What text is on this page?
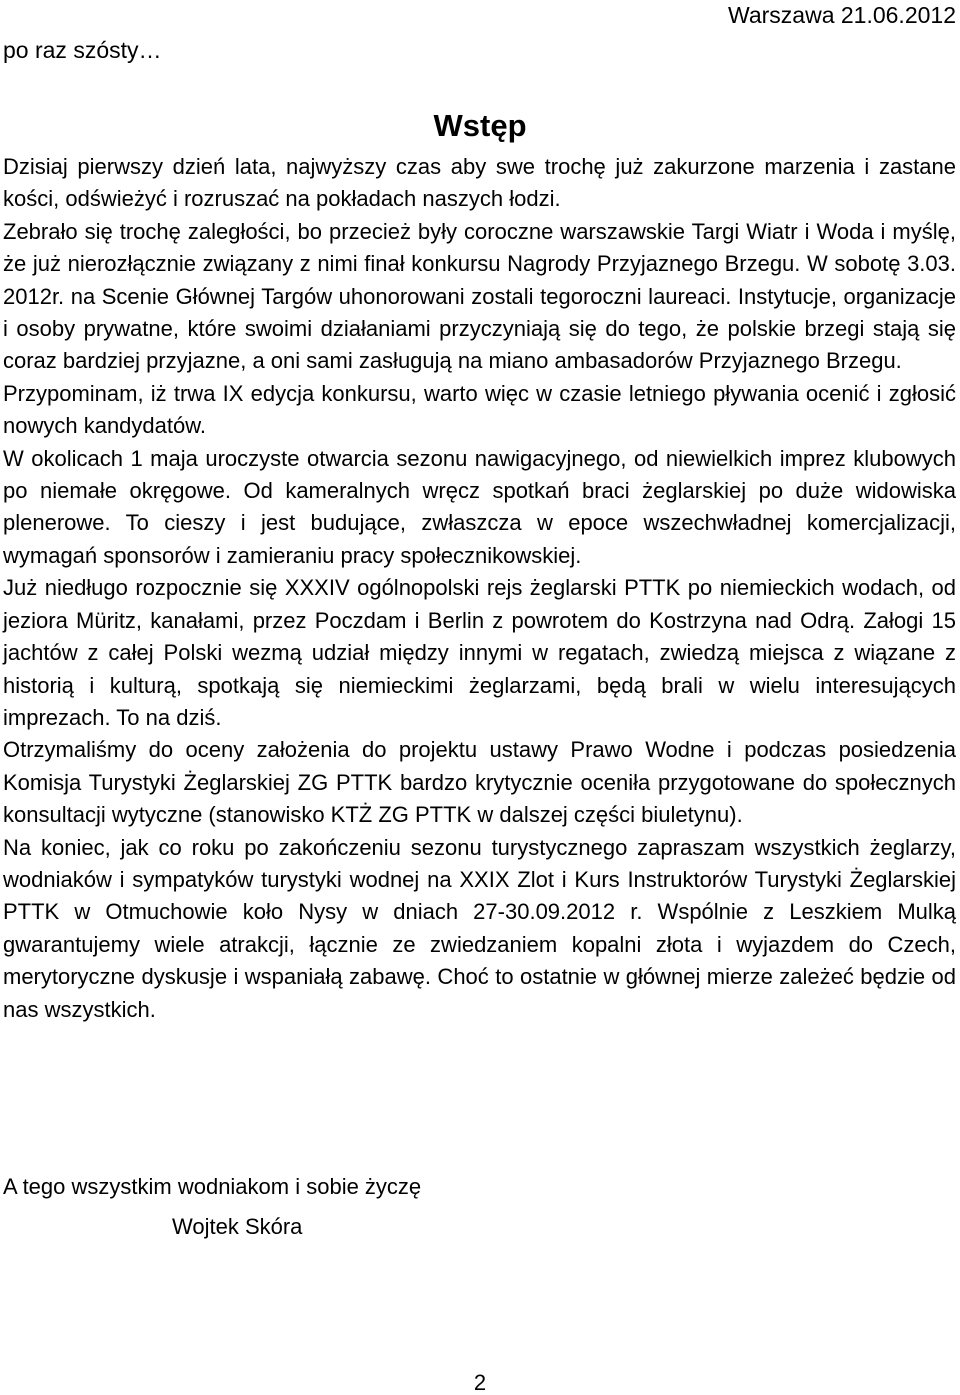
po raz szósty…
Warszawa 21.06.2012
Wstęp

Dzisiaj pierwszy dzień lata, najwyższy czas aby swe trochę już zakurzone marzenia i zastane kości, odświeżyć i rozruszać na pokładach naszych łodzi.

Zebrało się trochę zaległości, bo przecież były coroczne warszawskie Targi Wiatr i Woda i myślę, że już nierozłącznie związany z nimi finał konkursu Nagrody Przyjaznego Brzegu. W sobotę 3.03. 2012r. na Scenie Głównej Targów uhonorowani zostali tegoroczni laureaci. Instytucje, organizacje i osoby prywatne, które swoimi działaniami przyczyniają się do tego, że polskie brzegi stają się coraz bardziej przyjazne, a oni sami zasługują na miano ambasadorów Przyjaznego Brzegu.

Przypominam, iż trwa IX edycja konkursu, warto więc w czasie letniego pływania ocenić i zgłosić nowych kandydatów.

W okolicach 1 maja uroczyste otwarcia sezonu nawigacyjnego, od niewielkich imprez klubowych po niemałe okręgowe. Od kameralnych wręcz spotkań braci żeglarskiej po duże widowiska plenerowe. To cieszy i jest budujące, zwłaszcza w epoce wszechwładnej komercjalizacji, wymagań sponsorów i zamieraniu pracy społecznikowskiej.

Już niedługo rozpocznie się XXXIV ogólnopolski rejs żeglarski PTTK po niemieckich wodach, od jeziora Müritz, kanałami, przez Poczdam i Berlin z powrotem do Kostrzyna nad Odrą. Załogi 15 jachtów z całej Polski wezmą udział między innymi w regatach, zwiedzą miejsca z wiązane z historią i kulturą, spotkają się niemieckimi żeglarzami, będą brali w wielu interesujących imprezach. To na dziś.

Otrzymaliśmy do oceny założenia do projektu ustawy Prawo Wodne i podczas posiedzenia Komisja Turystyki Żeglarskiej ZG PTTK bardzo krytycznie oceniła przygotowane do społecznych konsultacji wytyczne (stanowisko KTŻ ZG PTTK w dalszej części biuletynu).

Na koniec, jak co roku po zakończeniu sezonu turystycznego zapraszam wszystkich żeglarzy, wodniaków i sympatyków turystyki wodnej na XXIX Zlot i Kurs Instruktorów Turystyki Żeglarskiej PTTK w Otmuchowie koło Nysy w dniach 27-30.09.2012 r. Wspólnie z Leszkiem Mulką gwarantujemy wiele atrakcji, łącznie ze zwiedzaniem kopalni złota i wyjazdem do Czech, merytoryczne dyskusje i wspaniałą zabawę. Choć to ostatnie w głównej mierze zależeć będzie od nas wszystkich.

A tego wszystkim wodniakom i sobie życzę
Wojtek Skóra
2
